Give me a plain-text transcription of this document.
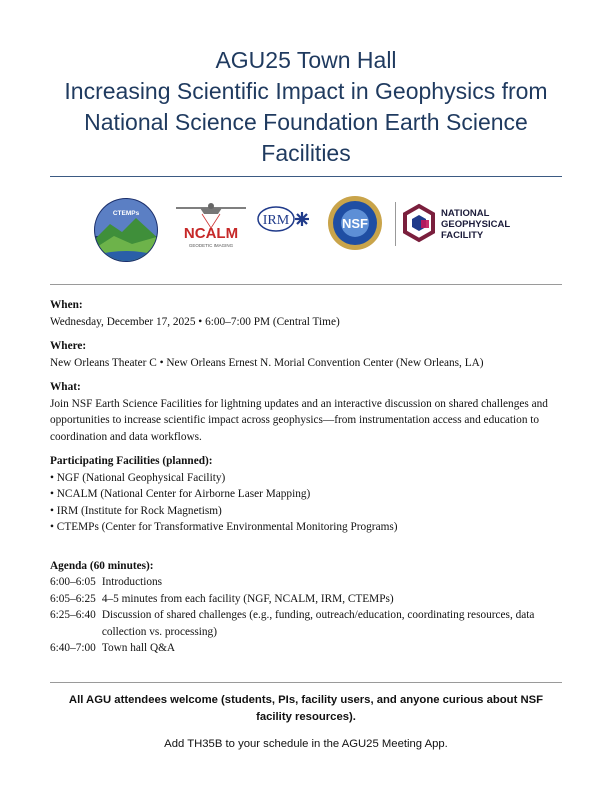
AGU25 Town Hall
Increasing Scientific Impact in Geophysics from
National Science Foundation Earth Science
Facilities
CTEMPs
NCALM
GEODETIC IMAGING
IRM	NSF
NATIONAL
GEOPHYSICAL
FACILITY
When:
Wednesday, December 17, 2025 • 6:00–7:00 PM (Central Time)
Where:
New Orleans Theater C • New Orleans Ernest N. Morial Convention Center (New Orleans, LA)
What:
Join NSF Earth Science Facilities for lightning updates and an interactive discussion on shared challenges and opportunities to increase scientific impact across geophysics—from instrumentation access and education to coordination and data workflows.
Participating Facilities (planned):
• NGF (National Geophysical Facility)
• NCALM (National Center for Airborne Laser Mapping)
• IRM (Institute for Rock Magnetism)
• CTEMPs (Center for Transformative Environmental Monitoring Programs)
Agenda (60 minutes):
6:00–6:05 Introductions
6:05–6:25 4–5 minutes from each facility (NGF, NCALM, IRM, CTEMPs)
6:25–6:40 Discussion of shared challenges (e.g., funding, outreach/education, coordinating resources, data collection vs. processing)
6:40–7:00 Town hall Q&A
All AGU attendees welcome (students, PIs, facility users, and anyone curious about NSF facility resources).
Add TH35B to your schedule in the AGU25 Meeting App.
